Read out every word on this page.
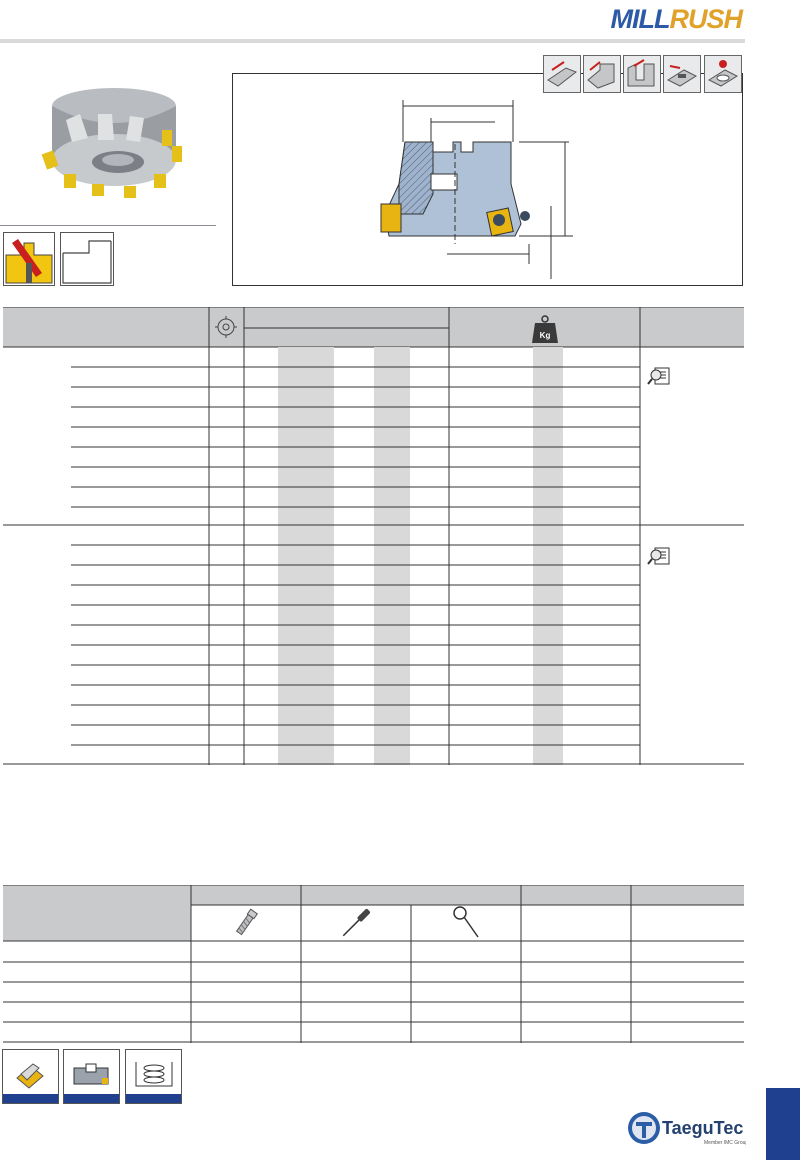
MILLRUSH
Kg
TaeguTec
Member IMC Group
